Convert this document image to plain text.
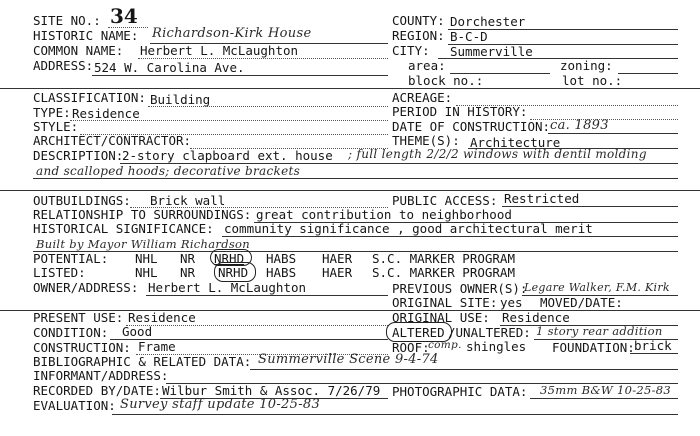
SITE NO.: 34
HISTORIC NAME: Richardson-Kirk House
COMMON NAME: Herbert L. McLaughton
ADDRESS: 524 W. Carolina Ave.
COUNTY: Dorchester
REGION: B-C-D
CITY: Summerville
area:	zoning:
block no.:	lot no.:
CLASSIFICATION: Building
TYPE: Residence
STYLE:
ARCHITECT/CONTRACTOR:
ACREAGE:
PERIOD IN HISTORY:
DATE OF CONSTRUCTION: ca. 1893
THEME(S): Architecture
DESCRIPTION:
2-story clapboard ext. house ; full length 2/2/2 windows with dentil molding
and scalloped hoods; decorative brackets
OUTBUILDINGS: Brick wall	PUBLIC ACCESS: Restricted
RELATIONSHIP TO SURROUNDINGS: great contribution to neighborhood
HISTORICAL SIGNIFICANCE: community significance , good architectural merit
Built by Mayor William Richardson
POTENTIAL: NHL NR NRHD HABS HAER S.C. MARKER PROGRAM
LISTED:	NHL NR NRHD HABS HAER S.C. MARKER PROGRAM
OWNER/ADDRESS: Herbert L. McLaughton	PREVIOUS OWNER(S):
Legare Walker, F.M. Kirk
ORIGINAL SITE: yes MOVED/DATE:
PRESENT USE: Residence	ORIGINAL USE: Residence
CONDITION: Good	ALTERED /UNALTERED: 1 story rear addition
CONSTRUCTION: Frame	ROOF:
comp. shingles FOUNDATION: brick
BIBLIOGRAPHIC & RELATED DATA: Summerville Scene 9-4-74
INFORMANT/ADDRESS:
RECORDED BY/DATE: Wilbur Smith & Assoc. 7/26/79 PHOTOGRAPHIC DATA: 35mm B&W 10-25-83
EVALUATION: Survey staff update 10-25-83
